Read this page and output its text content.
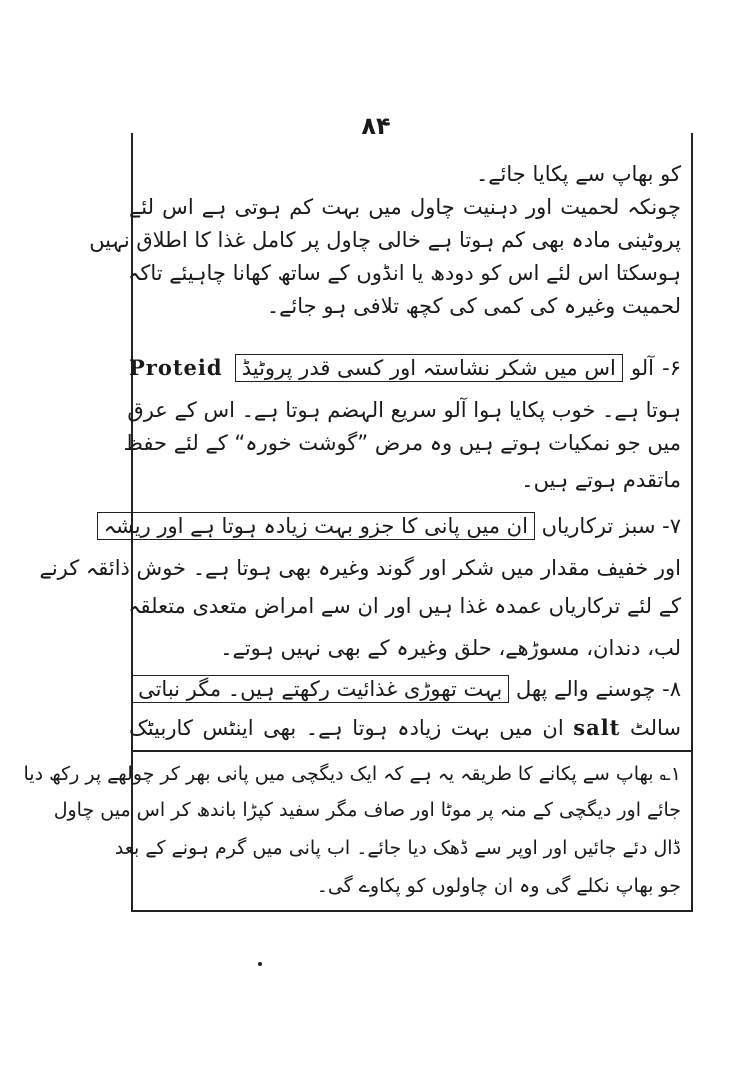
۸۴
کو بھاپ سے پکایا جائے۔
چونکہ لحمیت اور دہنیت چاول میں بہت کم ہوتی ہے اس لئے
پروٹینی مادہ بھی کم ہوتا ہے خالی چاول پر کامل غذا کا اطلاق نہیں
ہوسکتا اس لئے اس کو دودھ یا انڈوں کے ساتھ کھانا چاہیئے تاکہ
لحمیت وغیرہ کی کمی کی کچھ تلافی ہو جائے۔
۶- آلو اس میں شکر نشاستہ اور کسی قدر پروٹیڈ Proteid
ہوتا ہے۔ خوب پکایا ہوا آلو سریع الہضم ہوتا ہے۔ اس کے عرق
میں جو نمکیات ہوتے ہیں وہ مرض ”گوشت خورہ“ کے لئے حفظ
ماتقدم ہوتے ہیں۔
۷- سبز ترکاریاں ان میں پانی کا جزو بہت زیادہ ہوتا ہے اور ریشہ
اور خفیف مقدار میں شکر اور گوند وغیرہ بھی ہوتا ہے۔ خوش ذائقہ کرنے
کے لئے ترکاریاں عمدہ غذا ہیں اور ان سے امراض متعدی متعلقہ
لب، دندان، مسوڑھے، حلق وغیرہ کے بھی نہیں ہوتے۔
۸- چوسنے والے پھل بہت تھوڑی غذائیت رکھتے ہیں۔ مگر نباتی
سالٹ salt ان میں بہت زیادہ ہوتا ہے۔ بھی اینٹس کاربیٹک
۱؎ بھاپ سے پکانے کا طریقہ یہ ہے کہ ایک دیگچی میں پانی بھر کر چولھے پر رکھ دیا
جائے اور دیگچی کے منہ پر موٹا اور صاف مگر سفید کپڑا باندھ کر اس میں چاول
ڈال دئے جائیں اور اوپر سے ڈھک دیا جائے۔ اب پانی میں گرم ہونے کے بعد
جو بھاپ نکلے گی وہ ان چاولوں کو پکاوے گی۔
